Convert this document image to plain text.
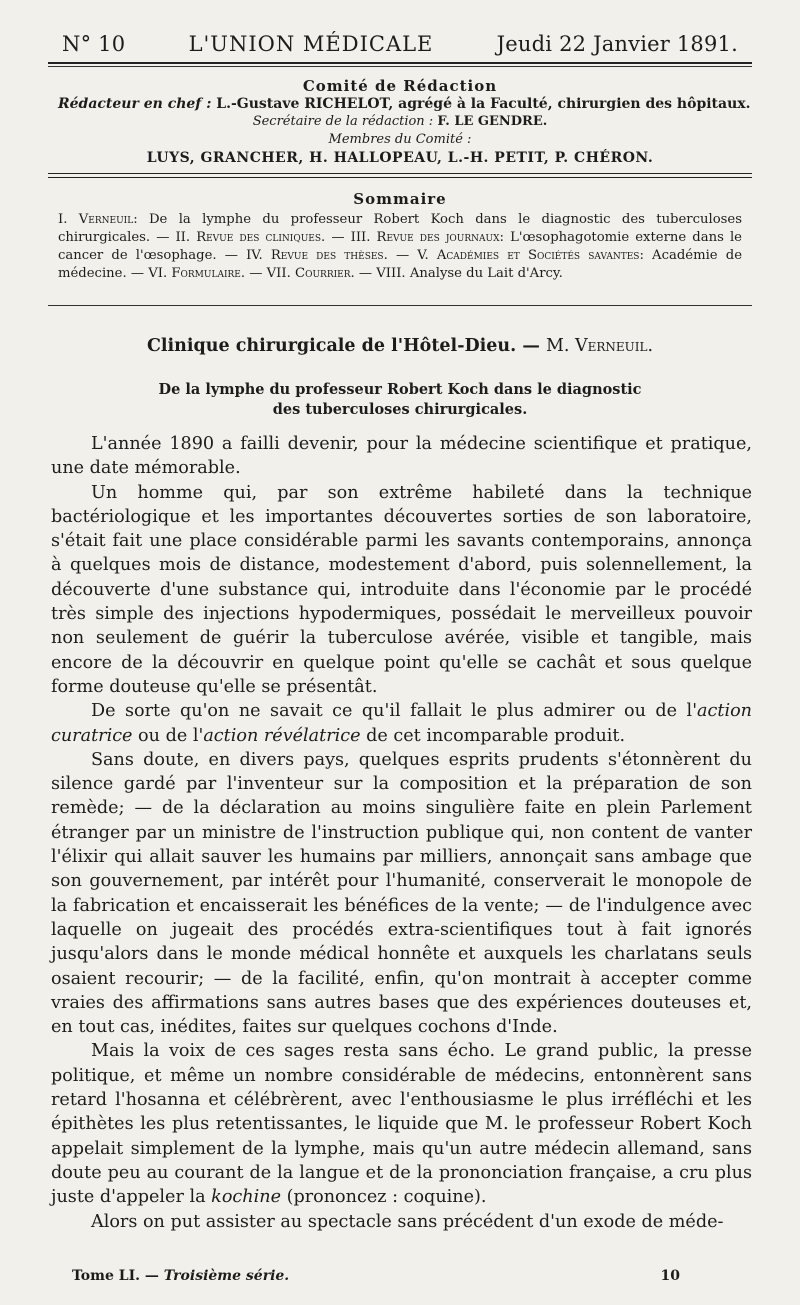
N° 10	L'UNION MÉDICALE	Jeudi 22 Janvier 1891.
Comité de Rédaction
Rédacteur en chef : L.-Gustave RICHELOT, agrégé à la Faculté, chirurgien des hôpitaux.
Secrétaire de la rédaction : F. LE GENDRE.
Membres du Comité :
LUYS, GRANCHER, H. HALLOPEAU, L.-H. PETIT, P. CHÉRON.
Sommaire
I. Verneuil: De la lymphe du professeur Robert Koch dans le diagnostic des tuberculoses chirurgicales. — II. Revue des cliniques. — III. Revue des journaux: L'œsophagotomie externe dans le cancer de l'œsophage. — IV. Revue des thèses. — V. Académies et Sociétés savantes: Académie de médecine. — VI. Formulaire. — VII. Courrier. — VIII. Analyse du Lait d'Arcy.
Clinique chirurgicale de l'Hôtel-Dieu. — M. Verneuil.
De la lymphe du professeur Robert Koch dans le diagnostic
des tuberculoses chirurgicales.

L'année 1890 a failli devenir, pour la médecine scientifique et pratique, une date mémorable.

Un homme qui, par son extrême habileté dans la technique bactériologique et les importantes découvertes sorties de son laboratoire, s'était fait une place considérable parmi les savants contemporains, annonça à quelques mois de distance, modestement d'abord, puis solennellement, la découverte d'une substance qui, introduite dans l'économie par le procédé très simple des injections hypodermiques, possédait le merveilleux pouvoir non seulement de guérir la tuberculose avérée, visible et tangible, mais encore de la découvrir en quelque point qu'elle se cachât et sous quelque forme douteuse qu'elle se présentât.

De sorte qu'on ne savait ce qu'il fallait le plus admirer ou de l'action curatrice ou de l'action révélatrice de cet incomparable produit.

Sans doute, en divers pays, quelques esprits prudents s'étonnèrent du silence gardé par l'inventeur sur la composition et la préparation de son remède; — de la déclaration au moins singulière faite en plein Parlement étranger par un ministre de l'instruction publique qui, non content de vanter l'élixir qui allait sauver les humains par milliers, annonçait sans ambage que son gouvernement, par intérêt pour l'humanité, conserverait le monopole de la fabrication et encaisserait les bénéfices de la vente; — de l'indulgence avec laquelle on jugeait des procédés extra-scientifiques tout à fait ignorés jusqu'alors dans le monde médical honnête et auxquels les charlatans seuls osaient recourir; — de la facilité, enfin, qu'on montrait à accepter comme vraies des affirmations sans autres bases que des expériences douteuses et, en tout cas, inédites, faites sur quelques cochons d'Inde.

Mais la voix de ces sages resta sans écho. Le grand public, la presse politique, et même un nombre considérable de médecins, entonnèrent sans retard l'hosanna et célébrèrent, avec l'enthousiasme le plus irréfléchi et les épithètes les plus retentissantes, le liquide que M. le professeur Robert Koch appelait simplement de la lymphe, mais qu'un autre médecin allemand, sans doute peu au courant de la langue et de la prononciation française, a cru plus juste d'appeler la kochine (prononcez : coquine).

Alors on put assister au spectacle sans précédent d'un exode de méde-

Tome LI. — Troisième série.	10
